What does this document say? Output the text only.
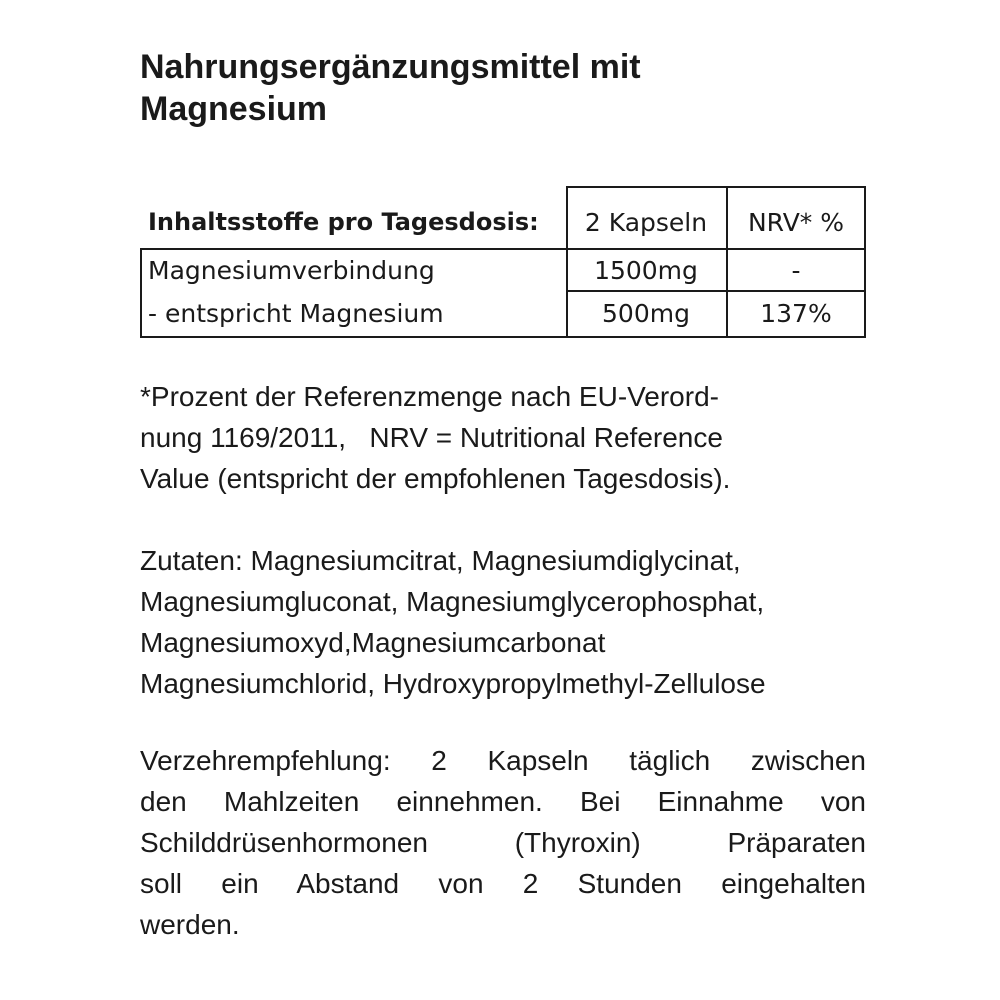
Nahrungsergänzungsmittel mit
Magnesium
Inhaltsstoffe pro Tagesdosis:	2 Kapseln	NRV* %
Magnesiumverbindung	1500mg	-
- entspricht Magnesium	500mg	137%

*Prozent der Referenzmenge nach EU-Verord-
nung 1169/2011,   NRV = Nutritional Reference
Value (entspricht der empfohlenen Tagesdosis).

Zutaten: Magnesiumcitrat, Magnesiumdiglycinat,
Magnesiumgluconat, Magnesiumglycerophosphat,
Magnesiumoxyd,Magnesiumcarbonat
Magnesiumchlorid, Hydroxypropylmethyl-Zellulose

Verzehrempfehlung: 2 Kapseln täglich zwischen
den Mahlzeiten einnehmen. Bei Einnahme von
Schilddrüsenhormonen (Thyroxin) Präparaten
soll ein Abstand von 2 Stunden eingehalten
werden.
